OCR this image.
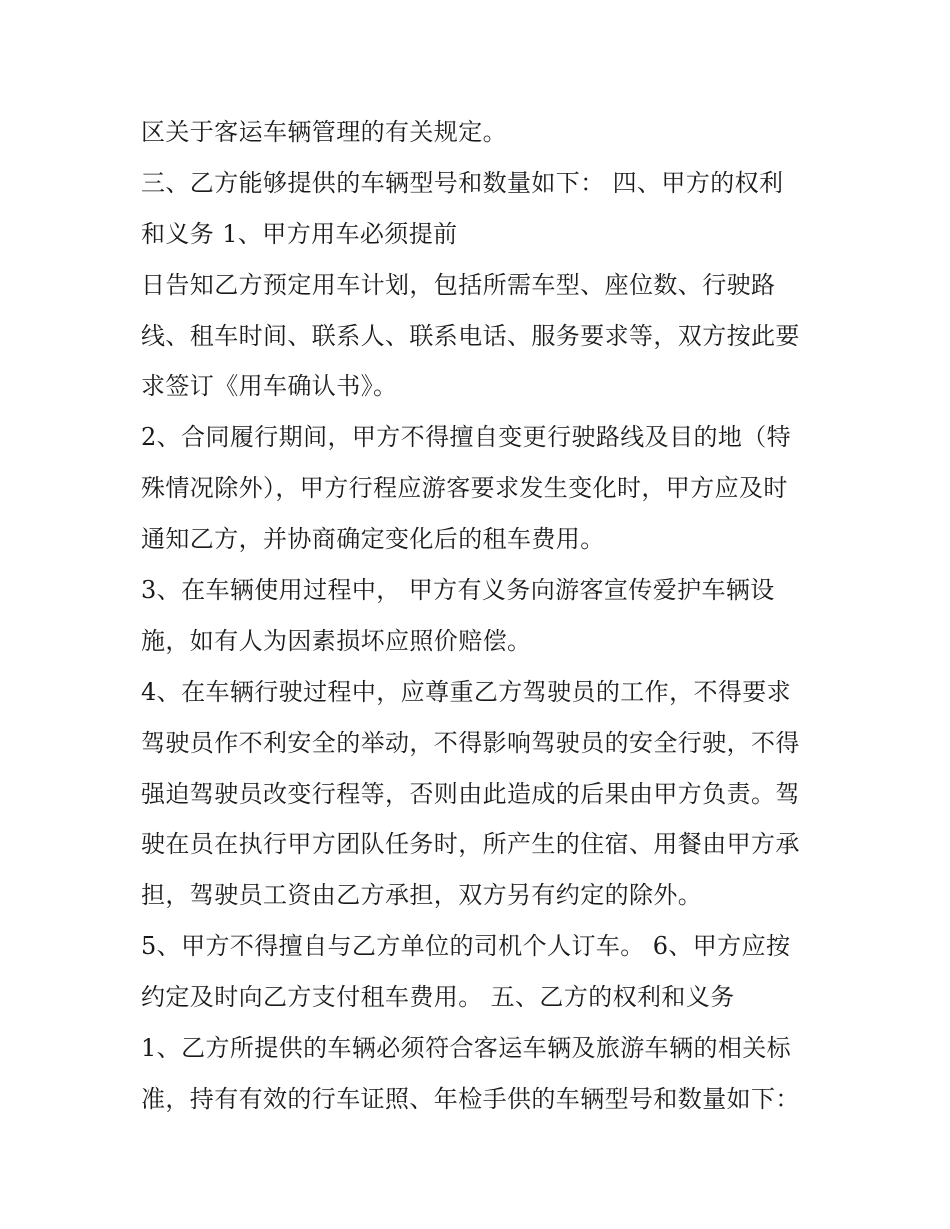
区关于客运车辆管理的有关规定。
三、乙方能够提供的车辆型号和数量如下： 四、甲方的权利
和义务 1、甲方用车必须提前
日告知乙方预定用车计划，包括所需车型、座位数、行驶路
线、租车时间、联系人、联系电话、服务要求等，双方按此要
求签订《用车确认书》。
2、合同履行期间，甲方不得擅自变更行驶路线及目的地（特
殊情况除外），甲方行程应游客要求发生变化时，甲方应及时
通知乙方，并协商确定变化后的租车费用。
3、在车辆使用过程中， 甲方有义务向游客宣传爱护车辆设
施，如有人为因素损坏应照价赔偿。
4、在车辆行驶过程中，应尊重乙方驾驶员的工作，不得要求
驾驶员作不利安全的举动，不得影响驾驶员的安全行驶，不得
强迫驾驶员改变行程等，否则由此造成的后果由甲方负责。驾
驶在员在执行甲方团队任务时，所产生的住宿、用餐由甲方承
担，驾驶员工资由乙方承担，双方另有约定的除外。
5、甲方不得擅自与乙方单位的司机个人订车。 6、甲方应按
约定及时向乙方支付租车费用。 五、乙方的权利和义务
1、乙方所提供的车辆必须符合客运车辆及旅游车辆的相关标
准，持有有效的行车证照、年检手供的车辆型号和数量如下：
